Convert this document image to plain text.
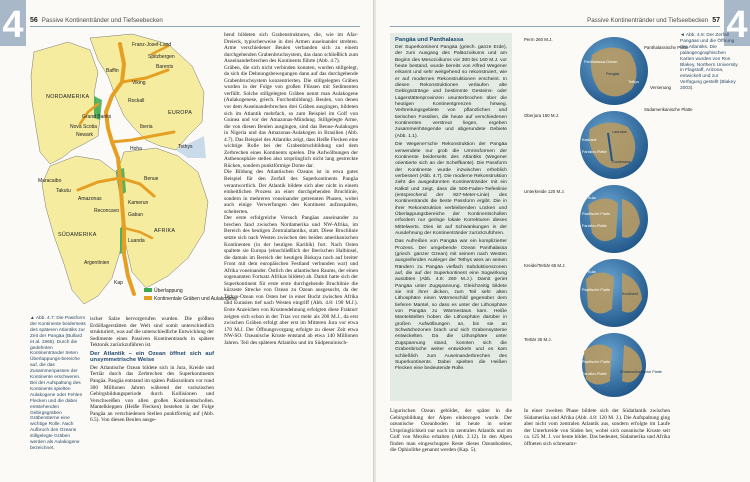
4 56 Passive Kontinentränder und Tiefseebecken
NORDAMERIKA
EUROPA
AFRIKA
SÜDAMERIKA
Franz-Josef-Land
Spitzbergen
Barents
Baffin
Viking
Rockall
Grand Banks
Nova Scotia
Newark
Iberia
Hoha	Tethys
Maracaibo
Takutu
Amazonas
Benue
Reconcavo
Kamerun
Gabun
Luanda
Argentinien
Kap
Überlappung
Kontinentale Gräben und Aulakogene
▲ Abb. 4.7: Die Passform der Kontinente beiderseits des späteren Atlantiks zur Zeit der Pangäa (Bullard et al. 1965). Durch die gedehnten Kontinentränder treten Überlappungs-bereiche auf, die das Zusammenpassen der Kontinente erschweren. Bei der Aufspaltung des Kontinents spielten Aulakogene oder Fehlen Flecken und die dabei entstehenden Gebirgsgräben Gräbensterne eine wichtige Rolle. Nach Aufbruch des Ozeans stillgelegte Gräben werden als Aulakogene bezeichnet.

ischer Salze hervorgerufen wurden. Die größten Erdöllagerstätten der Welt sind somit unterschiedlich strukturiert, was auf die unterschiedliche Entwicklung der Sedimente eines Passiven Kontinentrands in spätere Tektonik zurückzuführen ist.

Der Atlantik – ein Ozean öffnet sich auf unsymmetrische Weise

Der Atlantische Ozean bildete sich in Jura, Kreide und Tertiär durch das Zerbrechen des Superkontinents Pangäa. Pangäa entstand im späten Paläozoikum vor rund 300 Millionen Jahren während der variszischen Gebirgsbildungsperiode durch Kollisionen und Verschweißen von allen großen Kontinentschollen. Mantelkleppen (Heiße Flecken) bestehen in der Folge Pangäa an verschiedenen Stellen punktförmig auf (Abb. 6.5). Von diesen Beulen ausge-

hend bildeten sich Grabenstrukturen, die, wie im Afar-Dreieck, typischerweise in drei Armen auseinander strebten. Arme verschiedener Beulen verbanden sich zu einem durchgehenden Grabenbruchsystem, das dann schließlich zum Auseinanderbrechen des Kontinents führte (Abb. 4.7).

Gräben, die sich nicht verbinden konnten, wurden stillgelegt, da sich die Dehnungsbewegungen dann auf das durchgehende Grabenbruchsystem konzentrierten. Die stillgelegten Gräben wurden in der Folge von großen Flüssen mit Sedimenten verfüllt. Solche stillgelegten Gräben nennt man Aulakogene (Aulakogenese, griech. Furchenbildung). Beulen, von denen vor dem Auseinanderbrechen drei Gräben ausgingen, bildeten sich im Atlantik mehrfach, so zum Beispiel im Golf von Guinea und vor der Amazonas-Mündung. Stillgelegte Arme, die von diesen Beulen ausgingen, sind das Benue-Aulakogen in Nigeria und das Amazonas-Aulakogen in Brasilien (Abb. 4.7). Das Beispiel des Atlantiks zeigt, dass Heiße Flecken eine wichtige Rolle bei der Grabenbruchbildung und dem Zerbrechen eines Kontinents spielen. Die Aufwölbungen der Asthenosphäre stellen also ursprünglich nicht lang gestreckte Rücken, sondern punktförmige Dome dar.

Die Bildung des Atlantischen Ozeans ist in etwa gutes Beispiel für den Zerfall des Superkontinents Pangäa verantwortlich. Der Atlantik bildete sich aber nicht in einem einheitlichen Prozess an einer durchgehenden Bruchlinie, sondern in mehreren voneinander getrennten Phasen, wobei auch einige Verwerfungen den Kontinent aufzuspalten, scheiterten.

Der erste erfolgreiche Versuch Pangäas auseinander zu brechen fand zwischen Nordamerika und NW-Afrika, im Bereich des heutigen Zentralatlantiks, statt. Diese Bruchlinie setzte sich nach Westen zwischen den beiden amerikanischen Kontinenten (in der heutigen Karibik) fort. Nach Osten spaltete sie Europa (einschließlich der Iberischen Halbinsel, die damals im Bereich der heutigen Biskaya noch auf breiter Front mit dem europäischen Festland verbunden war) und Afrika voneinander. Östlich des atlantischen Raums, der einen sogenannten Fortsatz Afrikas bildete) ab. Damit hatte sich der Superkontinent für erste erste durchgehende Bruchlinie die kürzeste Strecke von Ozean zu Ozean ausgesucht, da der Tethys-Ozean von Osten her in einer Bucht zwischen Afrika und Eurasien tief nach Westen eingriff (Abb. 4.8: 190 M.J.). Erste Anzeichen von Krustendehnung erfolgten diese Frakturr zeigten sich schon in der Trias vor mehr als 200 M.J., da erst zwischen Gräben erfolgt aber erst im Mitteren Jura vor etwa 170 M.J. Der Öffnungsvorgang erfolgte zu dieser Zeit etwa NW-SO. Ozeanische Kruste entstand ab etwa 140 Millionen Jahren. Teil des späteren Atlantiks und im Südpenninisch-

4
Passive Kontinentränder und Tiefseebecken 57
Pangäa und Panthalassa

Der Superkontinent Pangäa (griech. ganze Erde), der zum Ausgang des Paläozoikums und am Beginn des Mesozoikums vor 300 bis 160 M.J. vor heute bestand, wurde bereits von Alfred Wegener erkannt und sehr weitgehend so rekonstruiert, wie er auf modernen Rekonstruktionen erscheint. In diesen Rekonstruktionen verlaufen alte Gebirgsstränge und bestimmte Gesteins- oder Lagerstättenprovinzen ununterbrochen über die heutigen Kontinentgrenzen hinweg. Verbreitungsgebiete von pflanzlichen und tierischen Fossilien, die heute auf verschiedenen Kontinenten verstreut liegen, ergeben zusammenhängende und abgerundete Gebiete (Abb. 1.1).

Die Wegener'sche Rekonstruktion der Pangäa verwendete nur grob die Umrissformen der Kontinente beiderseits des Atlantiks (Wegener orientierte sich an der Schelfkante). Die Passform der Kontinente wurde inzwischen erheblich verbessert (Abb. 4.7). Die moderne Rekonstruktion zieht die ausgedünnten Kontinentränder mit ein Kalkül und zeigt, dass die 500-Faden-Tiefenlinie (entsprechend der 927-Meter-Linie) des Kontinentrands die beste Passform ergibt. Die in ihrer Rekonstruktion verbleibenden Lücken und Überlappungsbereiche der Kontinentschollen erfordern nur geringe lokale Korrekturen dieses Mittelwerts. Dies ist auf Schwankungen in der Ausdehnung der Kontinentränder zurückzuführen.

Das Aufreißen von Pangäa war ein komplizierter Prozess. Der umgebende Ozean Panthalassa (griech. ganzer Ozean) mit seinem nach Westen ausgreifenden Ausleger der Tethys wies an seinen Rändern zu Pangäa vielfach Subduktionszonen auf, die auf der Superkontinent eine Sogwirkung ausübten (Abb. 4.8: 260 M.J.). Damit geriet Pangäa unter Zugspannung. Gleichzeitig bildete sie mit ihrer dicken, zum Teil sehr alten Lithosphäre einen Wärmeschild gegenüber dem tieferen Mantel, so dass es unter der Lithosphäre von Pangäa zu Wärmestaus kam. Heiße Mantelstellen hoben die Lithosphäre darüber in großen Aufwölbungen an, bis sie an Schwächezonen brach und sich Grabensysteme entwickelten. Da die Lithosphäre unter Zugspannung stand, konnten sich die Grabenbrüche weiter entwickeln und es kam schließlich zum Auseinanderbrechen des Superkontinents. Dabei spielten die Heißen Flecken eine bedeutende Rolle.

Perm 260 M.J.
Panthalassa-Ozean
Pangäa
Tethys
Oberjura 150 M.J.
Laurasia
Kaskade
Farallon-Platte
Gondwana
Unterkreide 120 M.J.
Kula
Pazifische Platte
Farallon-Platte
Kreide/Tertiär 65 M.J.
Kula
Pazifische Platte
Kontinent
Tertiär 35 M.J.
Pazifische Platte
Farallon-Platte	Südamerikanische Platte
Panthalassische Platte
Versenung
Südamerikanische Platte
◄ Abb. 4.8: Der Zerfall Pangäas und die Öffnung des Atlantiks. Die paläogeographischen Karten wurden von Ron Blakey, Northern University in Flagstaff, Arizona, entwickelt und zur Verfügung gestellt (Blakey 2003).
Ligurischen Ozean gebildet, der später in die Gebirgsbildung der Alpen einbezogen wurde. Der ozeanische Ozeanboden ist heute in seiner Ursprünglichkeit nur noch im zentralen Atlantik und im Golf von Mexiko erhalten (Abb. 2.12). In den Alpen finden man eingeschuppte Reste dieses Ozeanbodens, die Ophiolithe genannt werden (Kap. 5).
In einer zweiten Phase bildete sich der Südatlantik zwischen Südamerika und Afrika (Abb. 4.8: 120 M. J.). Die Aufspaltung ging aber nicht vom zentralen Atlantik aus, sondern erfolgte im Laufe der Unterkreide von Süden her, wobei sich ozeanische Kruste seit ca. 125 M. J. vor heute bildet. Das bedeutet, Südamerika und Afrika öffneten sich schrenamr-
